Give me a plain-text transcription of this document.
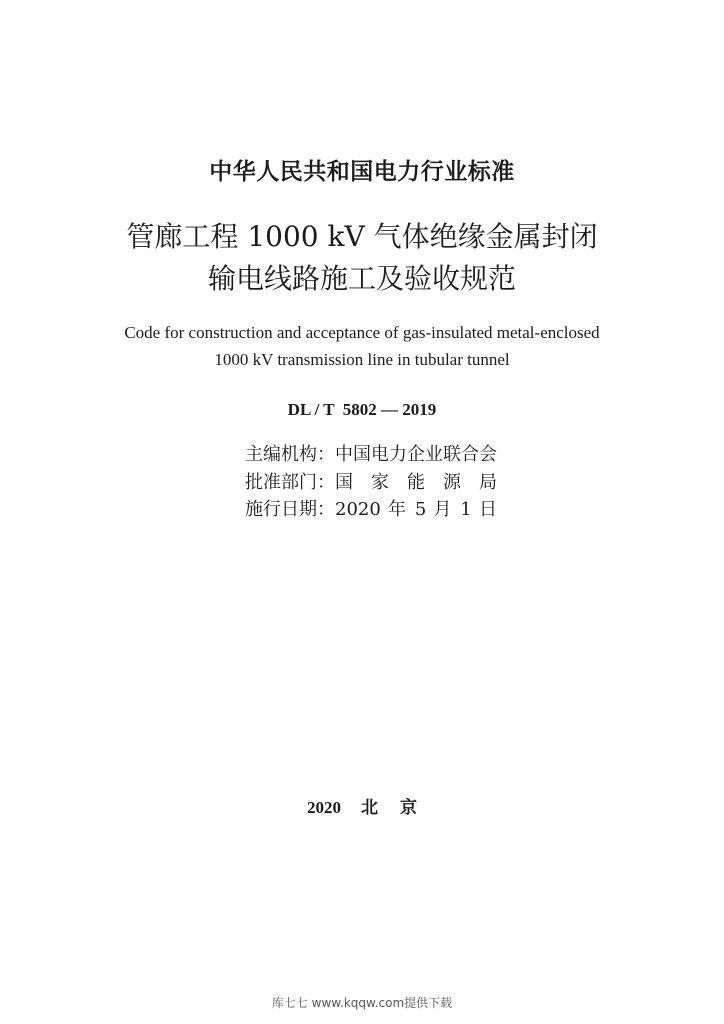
中华人民共和国电力行业标准
管廊工程 1000 kV 气体绝缘金属封闭
输电线路施工及验收规范
Code for construction and acceptance of gas-insulated metal-enclosed
1000 kV transmission line in tubular tunnel
DL / T  5802 — 2019
主编机构：中国电力企业联合会
批准部门：国家能源局
施行日期：2020 年 5 月 1 日
2020 北京
库七七 www.kqqw.com提供下载
